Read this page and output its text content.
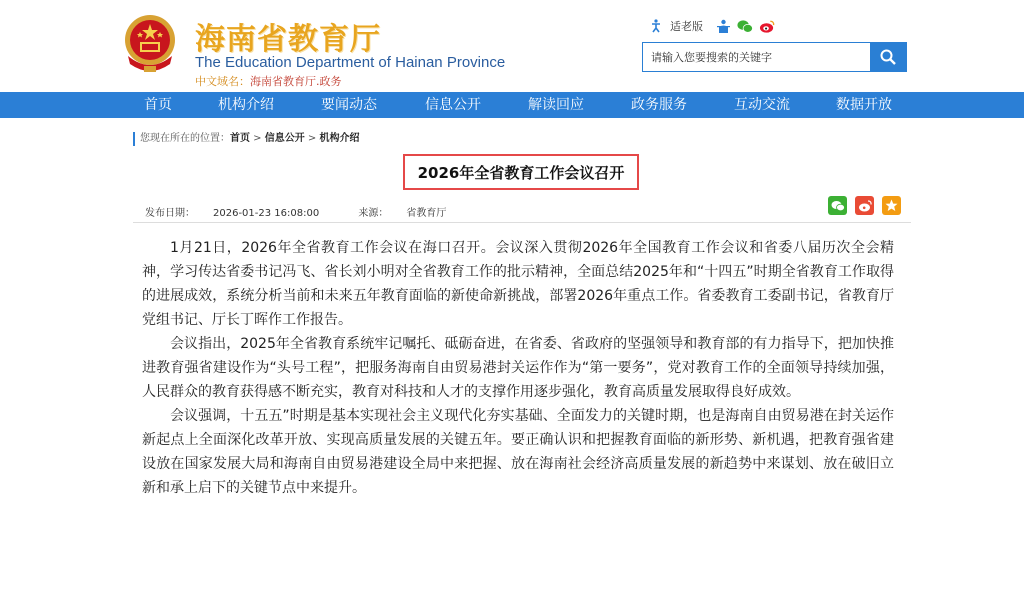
海南省教育厅
The Education Department of Hainan Province
中文域名：海南省教育厅.政务
适老版
请输入您要搜索的关键字
首页	机构介绍	要闻动态	信息公开	解读回应	政务服务	互动交流	数据开放
您现在所在的位置：首页 > 信息公开 > 机构介绍
2026年全省教育工作会议召开
发布日期： 2026-01-23 16:08:00	来源： 省教育厅

1月21日，2026年全省教育工作会议在海口召开。会议深入贯彻2026年全国教育工作会议和省委八届历次全会精神，学习传达省委书记冯飞、省长刘小明对全省教育工作的批示精神，全面总结2025年和“十四五”时期全省教育工作取得的进展成效，系统分析当前和未来五年教育面临的新使命新挑战，部署2026年重点工作。省委教育工委副书记，省教育厅党组书记、厅长丁晖作工作报告。

会议指出，2025年全省教育系统牢记嘱托、砥砺奋进，在省委、省政府的坚强领导和教育部的有力指导下，把加快推进教育强省建设作为“头号工程”，把服务海南自由贸易港封关运作作为“第一要务”，党对教育工作的全面领导持续加强，人民群众的教育获得感不断充实，教育对科技和人才的支撑作用逐步强化，教育高质量发展取得良好成效。

会议强调，十五五”时期是基本实现社会主义现代化夯实基础、全面发力的关键时期，也是海南自由贸易港在封关运作新起点上全面深化改革开放、实现高质量发展的关键五年。要正确认识和把握教育面临的新形势、新机遇，把教育强省建设放在国家发展大局和海南自由贸易港建设全局中来把握、放在海南社会经济高质量发展的新趋势中来谋划、放在破旧立新和承上启下的关键节点中来提升。
